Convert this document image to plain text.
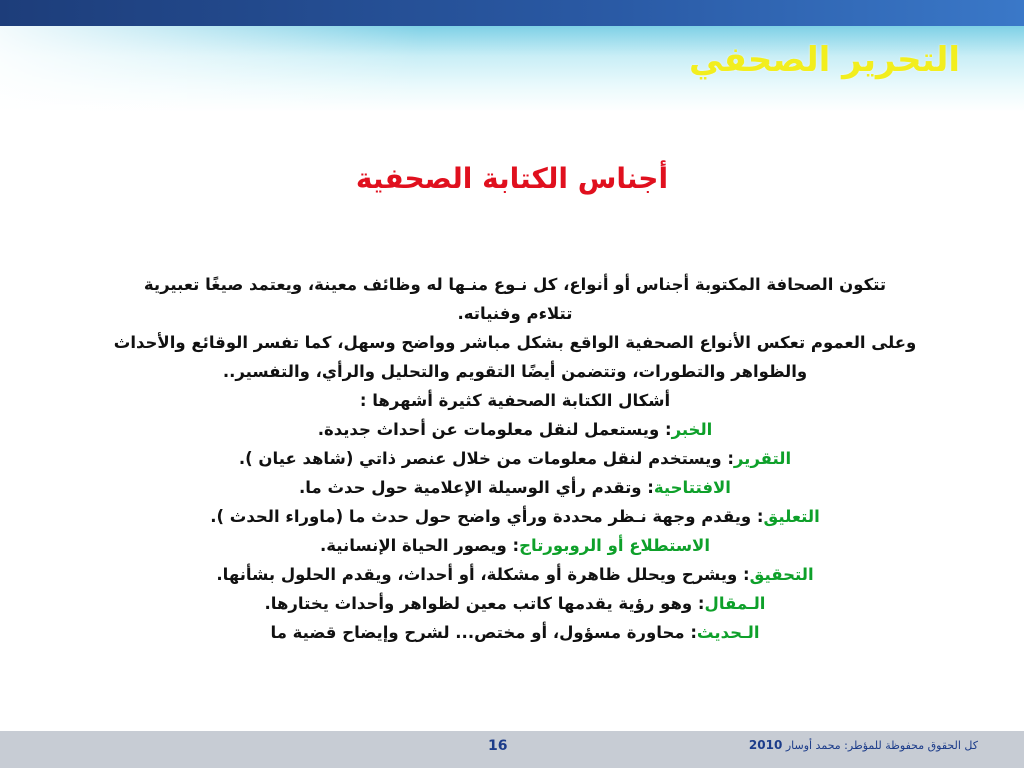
التحرير الصحفي
أجناس الكتابة الصحفية
تتكون الصحافة المكتوبة أجناس أو أنواع، كل نـوع منـها له وظائف معينة، ويعتمد صيغًا تعبيرية
تتلاءم وفنياته.
وعلى العموم تعكس الأنواع الصحفية الواقع بشكل مباشر وواضح وسهل، كما تفسر الوقائع والأحداث
والظواهر والتطورات، وتتضمن أيضًا التقويم والتحليل والرأي، والتفسير..
أشكال الكتابة الصحفية كثيرة أشهرها :
الخبر: ويستعمل لنقل معلومات عن أحداث جديدة.
التقرير: ويستخدم لنقل معلومات من خلال عنصر ذاتي (شاهد عيان ).
الافتتاحية: وتقدم رأي الوسيلة الإعلامية حول حدث ما.
التعليق: ويقدم وجهة نـظر محددة ورأي واضح حول حدث ما (ماوراء الحدث ).
الاستطلاع أو الروبورتاج: ويصور الحياة الإنسانية.
التحقيق: ويشرح ويحلل ظاهرة أو مشكلة، أو أحداث، ويقدم الحلول بشأنها.
الـمقال: وهو رؤية يقدمها كاتب معين لظواهر وأحداث يختارها.
الـحديث: محاورة مسؤول، أو مختص... لشرح وإيضاح قضية ما
16	كل الحقوق محفوظة للمؤطر: محمد أوسار 2010
